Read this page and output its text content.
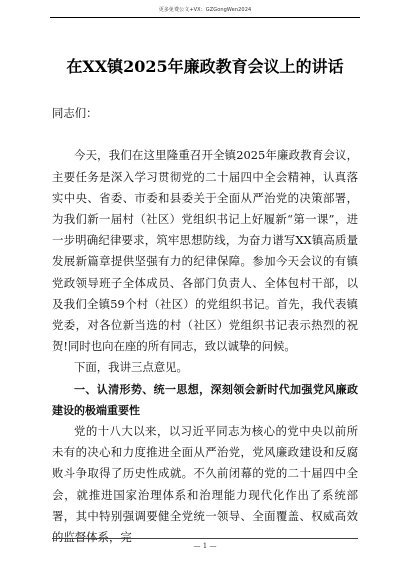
更多免费公文+VX：GZGongWen2024
在XX镇2025年廉政教育会议上的讲话

同志们：

今天，我们在这里隆重召开全镇2025年廉政教育会议，主要任务是深入学习贯彻党的二十届四中全会精神，认真落实中央、省委、市委和县委关于全面从严治党的决策部署，为我们新一届村（社区）党组织书记上好履新“第一课”，进一步明确纪律要求，筑牢思想防线，为奋力谱写XX镇高质量发展新篇章提供坚强有力的纪律保障。参加今天会议的有镇党政领导班子全体成员、各部门负责人、全体包村干部，以及我们全镇59个村（社区）的党组织书记。首先，我代表镇党委，对各位新当选的村（社区）党组织书记表示热烈的祝贺!同时也向在座的所有同志，致以诚挚的问候。

下面，我讲三点意见。

一、认清形势、统一思想，深刻领会新时代加强党风廉政建设的极端重要性

党的十八大以来，以习近平同志为核心的党中央以前所未有的决心和力度推进全面从严治党，党风廉政建设和反腐败斗争取得了历史性成就。不久前闭幕的党的二十届四中全会，就推进国家治理体系和治理能力现代化作出了系统部署，其中特别强调要健全党统一领导、全面覆盖、权威高效的监督体系，完

— 1 —
